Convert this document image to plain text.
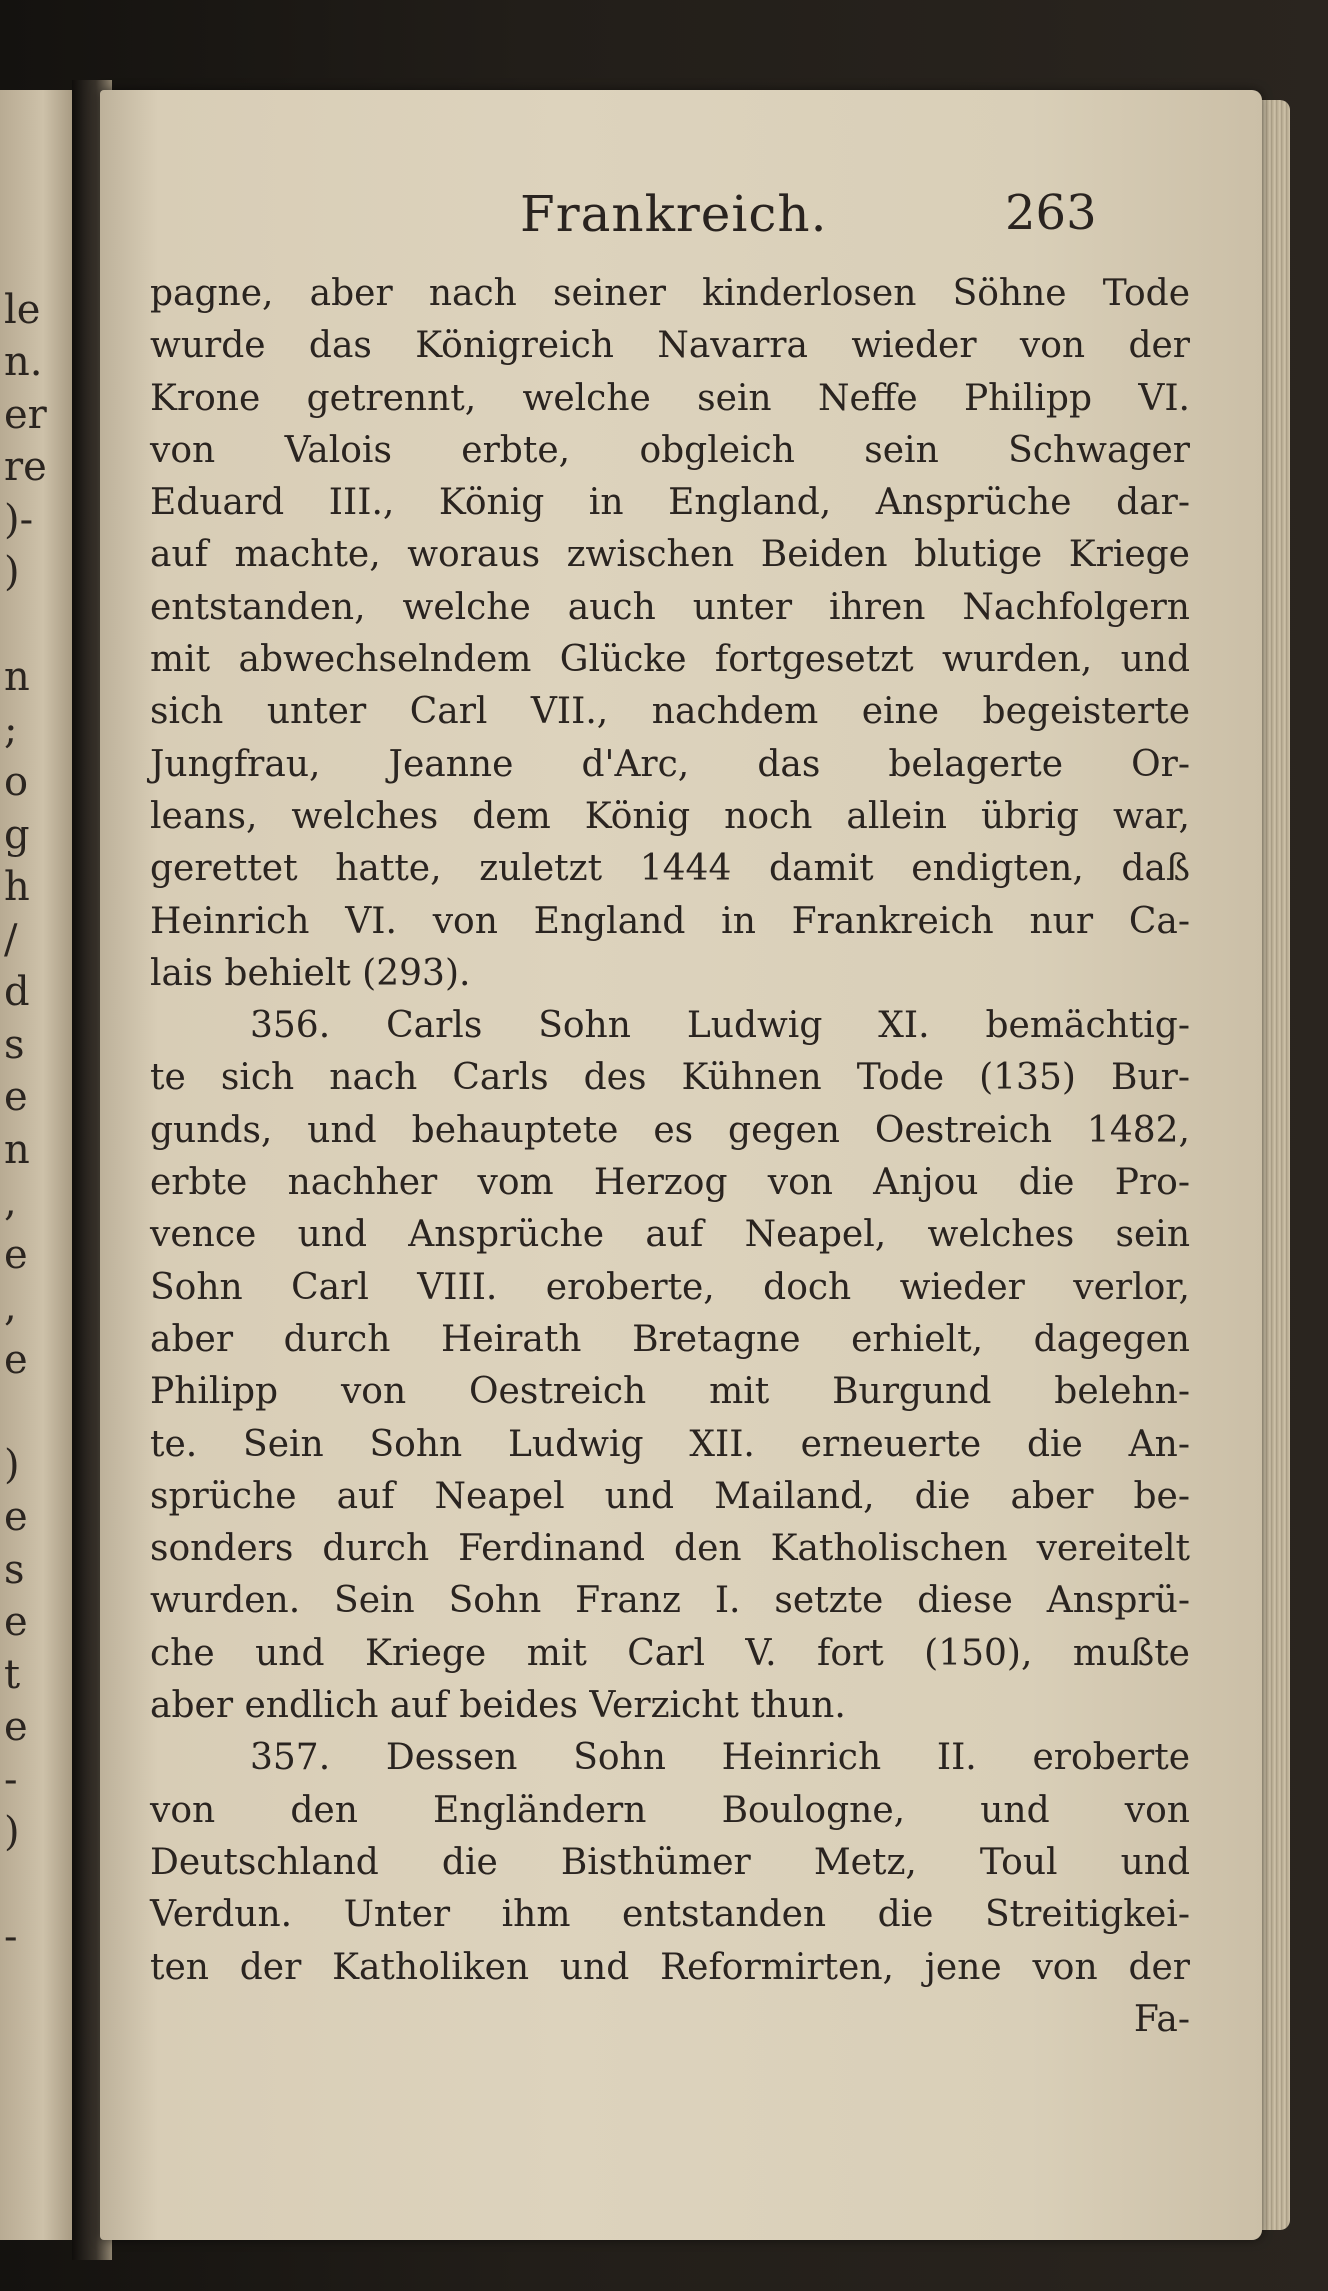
le
n.
er
re
)-
)
n
;
o
g
h
/
d
s
e
n
,
e
,
e
)
e
s
e
t
e
-
)
-
Frankreich.	263
pagne, aber nach seiner kinderlosen Söhne Tode
wurde das Königreich Navarra wieder von der
Krone getrennt, welche sein Neffe Philipp VI.
von Valois erbte, obgleich sein Schwager
Eduard III., König in England, Ansprüche dar-
auf machte, woraus zwischen Beiden blutige Kriege
entstanden, welche auch unter ihren Nachfolgern
mit abwechselndem Glücke fortgesetzt wurden, und
sich unter Carl VII., nachdem eine begeisterte
Jungfrau, Jeanne d'Arc, das belagerte Or-
leans, welches dem König noch allein übrig war,
gerettet hatte, zuletzt 1444 damit endigten, daß
Heinrich VI. von England in Frankreich nur Ca-
lais behielt (293).
356. Carls Sohn Ludwig XI. bemächtig-
te sich nach Carls des Kühnen Tode (135) Bur-
gunds, und behauptete es gegen Oestreich 1482,
erbte nachher vom Herzog von Anjou die Pro-
vence und Ansprüche auf Neapel, welches sein
Sohn Carl VIII. eroberte, doch wieder verlor,
aber durch Heirath Bretagne erhielt, dagegen
Philipp von Oestreich mit Burgund belehn-
te. Sein Sohn Ludwig XII. erneuerte die An-
sprüche auf Neapel und Mailand, die aber be-
sonders durch Ferdinand den Katholischen vereitelt
wurden. Sein Sohn Franz I. setzte diese Ansprü-
che und Kriege mit Carl V. fort (150), mußte
aber endlich auf beides Verzicht thun.
357. Dessen Sohn Heinrich II. eroberte
von den Engländern Boulogne, und von
Deutschland die Bisthümer Metz, Toul und
Verdun. Unter ihm entstanden die Streitigkei-
ten der Katholiken und Reformirten, jene von der
Fa-
